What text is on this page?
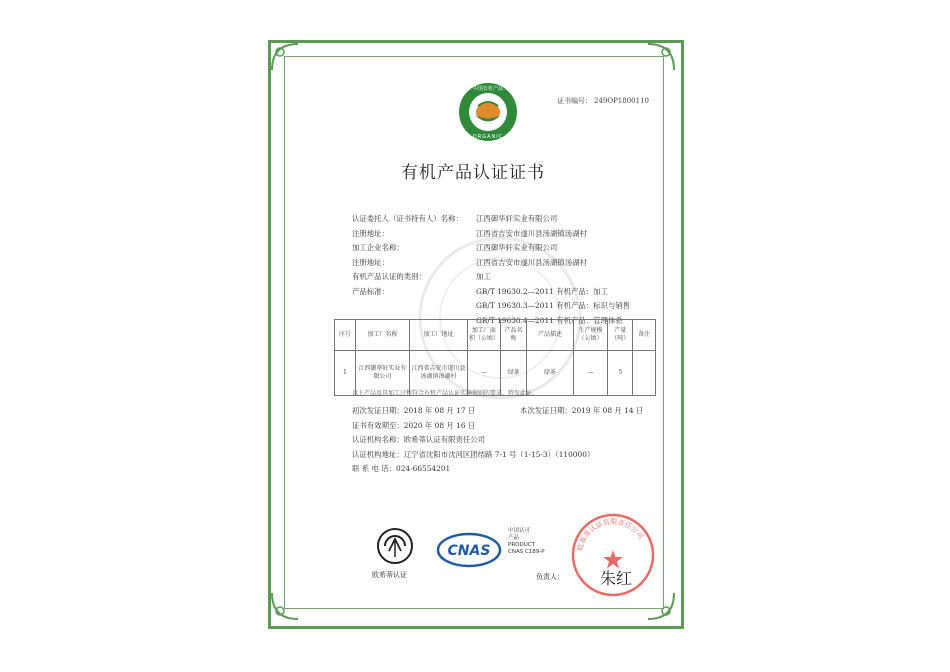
中国有机产品
ORGANIC
证书编号： 249OP1800110
有机产品认证证书
认证委托人（证书持有人）名称： 江西御华轩实业有限公司
注册地址：	江西省吉安市遂川县汤湖镇汤湖村
加工企业名称：	江西御华轩实业有限公司
注册地址：	江西省吉安市遂川县汤湖镇汤湖村
有机产品认证的类别：	加工
产品标准：	GB/T 19630.2—2011 有机产品：加工
GB/T 19630.3—2011 有机产品：标识与销售
GB/T 19630.4—2011 有机产品：管理体系
序号	加工厂名称	加工厂地址	加工厂面积（公顷）	产品名称	产品描述	生产规模（公顷）	产量（吨）	备注
1	江西御华轩实业有限公司	江西省吉安市遂川县汤湖镇汤湖村	—	绿茶	绿茶	—	5	
以上产品及其加工过程符合有机产品认证实施规则的要求，特发此证。
初次发证日期：2018 年 08 月 17 日	本次发证日期：2019 年 08 月 14 日
证书有效期至：2020 年 08 月 16 日
认证机构名称：欧希蒂认证有限责任公司
认证机构地址：辽宁省沈阳市沈河区团结路 7-1 号（1-15-3）（110000）
联 系 电 话：024-66554201
欧希蒂认证
CNAS
中国认可
产品
PRODUCT
CNAS C189-P
负责人：
欧希蒂认证有限责任公司
朱红
